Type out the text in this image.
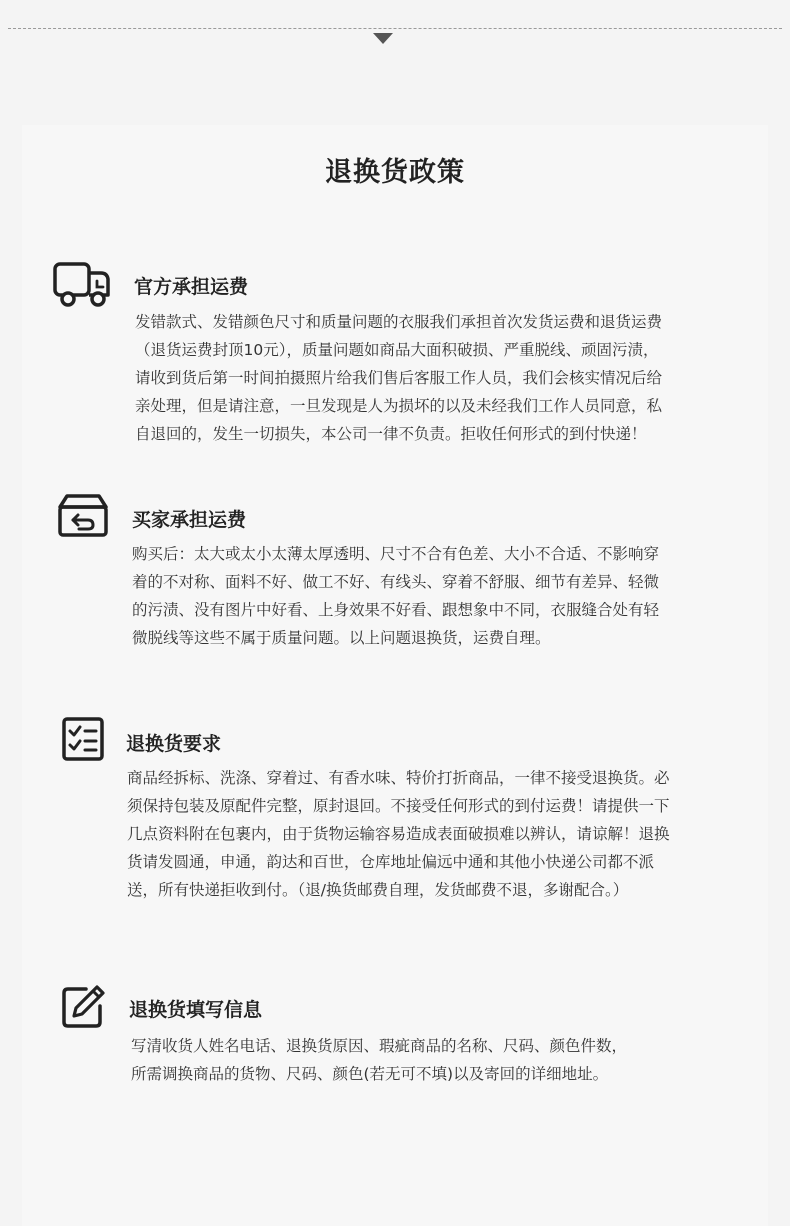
退换货政策
官方承担运费
发错款式、发错颜色尺寸和质量问题的衣服我们承担首次发货运费和退货运费
（退货运费封顶10元），质量问题如商品大面积破损、严重脱线、顽固污渍，
请收到货后第一时间拍摄照片给我们售后客服工作人员，我们会核实情况后给
亲处理，但是请注意，一旦发现是人为损坏的以及未经我们工作人员同意，私
自退回的，发生一切损失，本公司一律不负责。拒收任何形式的到付快递！
买家承担运费
购买后：太大或太小太薄太厚透明、尺寸不合有色差、大小不合适、不影响穿
着的不对称、面料不好、做工不好、有线头、穿着不舒服、细节有差异、轻微
的污渍、没有图片中好看、上身效果不好看、跟想象中不同，衣服缝合处有轻
微脱线等这些不属于质量问题。以上问题退换货，运费自理。
退换货要求
商品经拆标、洗涤、穿着过、有香水味、特价打折商品，一律不接受退换货。必
须保持包装及原配件完整，原封退回。不接受任何形式的到付运费！请提供一下
几点资料附在包裹内，由于货物运输容易造成表面破损难以辨认，请谅解！退换
货请发圆通，申通，韵达和百世，仓库地址偏远中通和其他小快递公司都不派
送，所有快递拒收到付。（退/换货邮费自理，发货邮费不退，多谢配合。）
退换货填写信息
写清收货人姓名电话、退换货原因、瑕疵商品的名称、尺码、颜色件数，
所需调换商品的货物、尺码、颜色(若无可不填)以及寄回的详细地址。
